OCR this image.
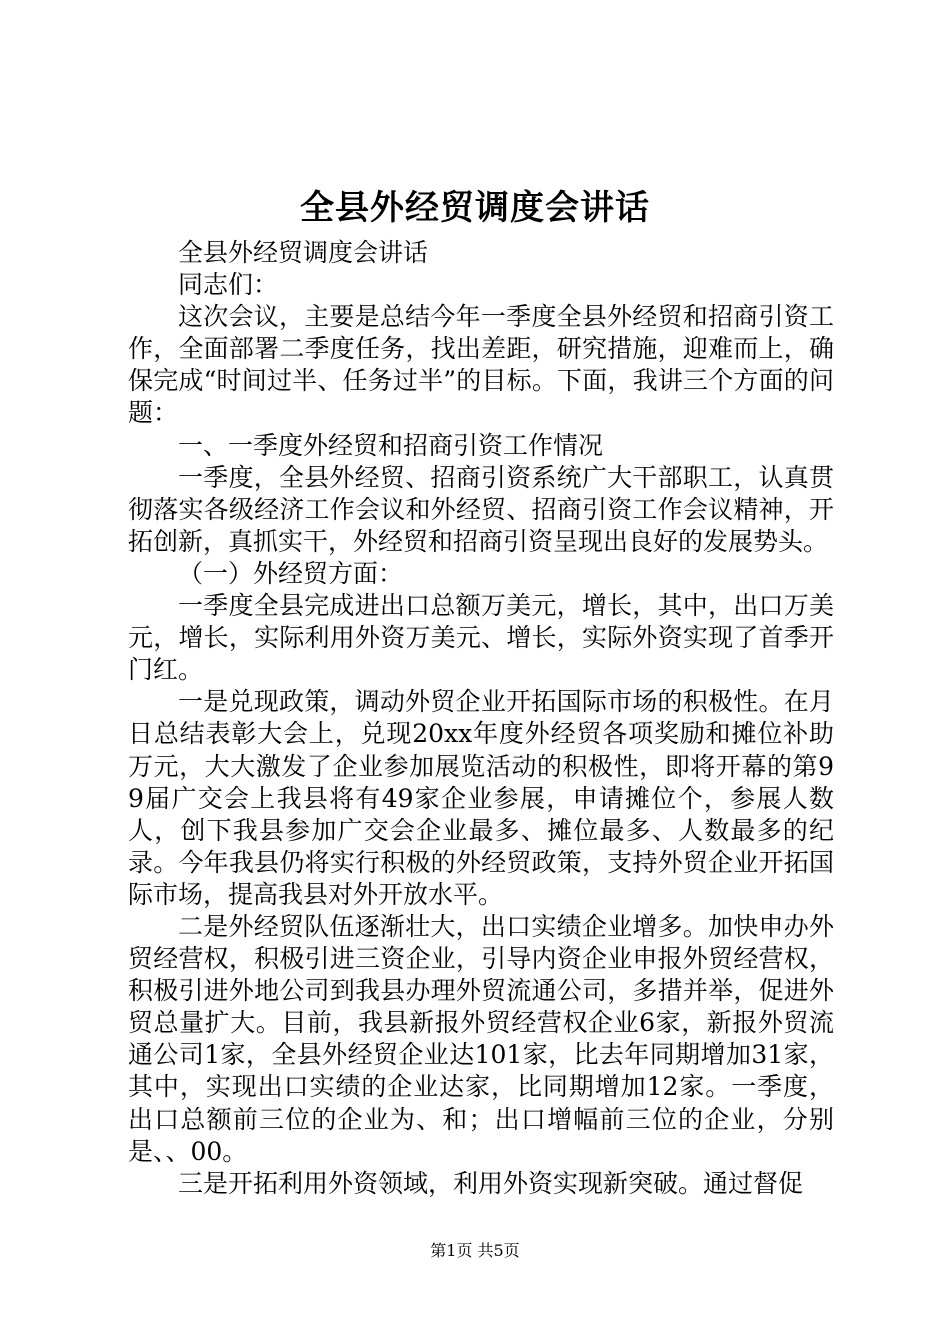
全县外经贸调度会讲话

全县外经贸调度会讲话

同志们：

这次会议，主要是总结今年一季度全县外经贸和招商引资工作，全面部署二季度任务，找出差距，研究措施，迎难而上，确保完成“时间过半、任务过半”的目标。下面，我讲三个方面的问题：

一、一季度外经贸和招商引资工作情况

一季度，全县外经贸、招商引资系统广大干部职工，认真贯彻落实各级经济工作会议和外经贸、招商引资工作会议精神，开拓创新，真抓实干，外经贸和招商引资呈现出良好的发展势头。

（一）外经贸方面：

一季度全县完成进出口总额万美元，增长，其中，出口万美元，增长，实际利用外资万美元、增长，实际外资实现了首季开门红。

一是兑现政策，调动外贸企业开拓国际市场的积极性。在月日总结表彰大会上，兑现20xx年度外经贸各项奖励和摊位补助万元，大大激发了企业参加展览活动的积极性，即将开幕的第99届广交会上我县将有49家企业参展，申请摊位个，参展人数人，创下我县参加广交会企业最多、摊位最多、人数最多的纪录。今年我县仍将实行积极的外经贸政策，支持外贸企业开拓国际市场，提高我县对外开放水平。

二是外经贸队伍逐渐壮大，出口实绩企业增多。加快申办外贸经营权，积极引进三资企业，引导内资企业申报外贸经营权，积极引进外地公司到我县办理外贸流通公司，多措并举，促进外贸总量扩大。目前，我县新报外贸经营权企业6家，新报外贸流通公司1家，全县外经贸企业达101家，比去年同期增加31家，其中，实现出口实绩的企业达家，比同期增加12家。一季度，出口总额前三位的企业为、和；出口增幅前三位的企业，分别是、、00。

三是开拓利用外资领域，利用外资实现新突破。通过督促

第1页 共5页
